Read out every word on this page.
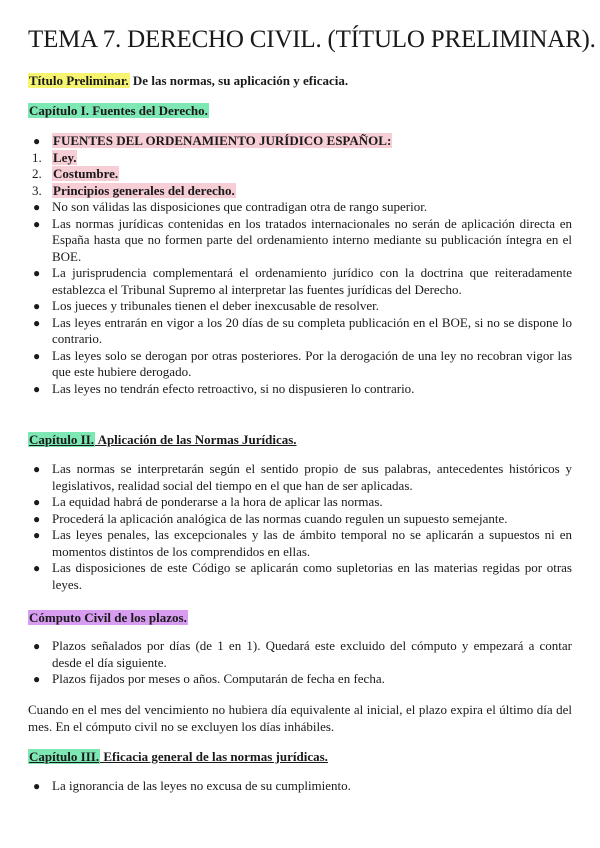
TEMA 7. DERECHO CIVIL. (TÍTULO PRELIMINAR).

Título Preliminar. De las normas, su aplicación y eficacia.

Capítulo I. Fuentes del Derecho.

● FUENTES DEL ORDENAMIENTO JURÍDICO ESPAÑOL:
1. Ley.
2. Costumbre.
3. Principios generales del derecho.
● No son válidas las disposiciones que contradigan otra de rango superior.
● Las normas jurídicas contenidas en los tratados internacionales no serán de aplicación directa en España hasta que no formen parte del ordenamiento interno mediante su publicación íntegra en el BOE.
● La jurisprudencia complementará el ordenamiento jurídico con la doctrina que reiteradamente establezca el Tribunal Supremo al interpretar las fuentes jurídicas del Derecho.
● Los jueces y tribunales tienen el deber inexcusable de resolver.
● Las leyes entrarán en vigor a los 20 días de su completa publicación en el BOE, si no se dispone lo contrario.
● Las leyes solo se derogan por otras posteriores. Por la derogación de una ley no recobran vigor las que este hubiere derogado.
● Las leyes no tendrán efecto retroactivo, si no dispusieren lo contrario.

Capítulo II. Aplicación de las Normas Jurídicas.

● Las normas se interpretarán según el sentido propio de sus palabras, antecedentes históricos y legislativos, realidad social del tiempo en el que han de ser aplicadas.
● La equidad habrá de ponderarse a la hora de aplicar las normas.
● Procederá la aplicación analógica de las normas cuando regulen un supuesto semejante.
● Las leyes penales, las excepcionales y las de ámbito temporal no se aplicarán a supuestos ni en momentos distintos de los comprendidos en ellas.
● Las disposiciones de este Código se aplicarán como supletorias en las materias regidas por otras leyes.

Cómputo Civil de los plazos.

● Plazos señalados por días (de 1 en 1). Quedará este excluido del cómputo y empezará a contar desde el día siguiente.
● Plazos fijados por meses o años. Computarán de fecha en fecha.

Cuando en el mes del vencimiento no hubiera día equivalente al inicial, el plazo expira el último día del mes. En el cómputo civil no se excluyen los días inhábiles.

Capítulo III. Eficacia general de las normas jurídicas.

● La ignorancia de las leyes no excusa de su cumplimiento.
